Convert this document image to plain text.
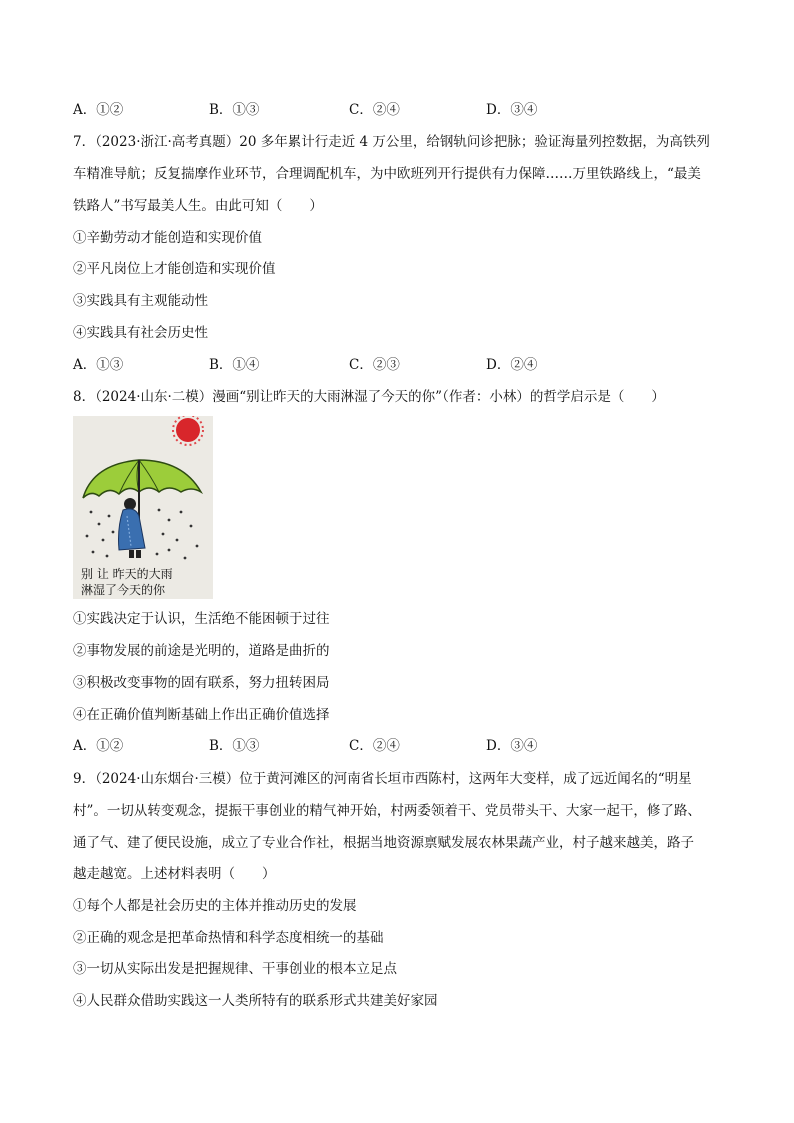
A．①②	B．①③	C．②④	D．③④
7．（2023·浙江·高考真题）20 多年累计行走近 4 万公里，给钢轨问诊把脉；验证海量列控数据，为高铁列
车精准导航；反复揣摩作业环节，合理调配机车，为中欧班列开行提供有力保障……万里铁路线上，“最美
铁路人”书写最美人生。由此可知（　　）
①辛勤劳动才能创造和实现价值
②平凡岗位上才能创造和实现价值
③实践具有主观能动性
④实践具有社会历史性
A．①③	B．①④	C．②③	D．②④
8．（2024·山东·二模）漫画“别让昨天的大雨淋湿了今天的你”（作者：小林）的哲学启示是（　　）
别 让 昨天的大雨
淋湿了今天的你
①实践决定于认识，生活绝不能困顿于过往
②事物发展的前途是光明的，道路是曲折的
③积极改变事物的固有联系，努力扭转困局
④在正确价值判断基础上作出正确价值选择
A．①②	B．①③	C．②④	D．③④
9．（2024·山东烟台·三模）位于黄河滩区的河南省长垣市西陈村，这两年大变样，成了远近闻名的“明星
村”。一切从转变观念，提振干事创业的精气神开始，村两委领着干、党员带头干、大家一起干，修了路、
通了气、建了便民设施，成立了专业合作社，根据当地资源禀赋发展农林果蔬产业，村子越来越美，路子
越走越宽。上述材料表明（　　）
①每个人都是社会历史的主体并推动历史的发展
②正确的观念是把革命热情和科学态度相统一的基础
③一切从实际出发是把握规律、干事创业的根本立足点
④人民群众借助实践这一人类所特有的联系形式共建美好家园
